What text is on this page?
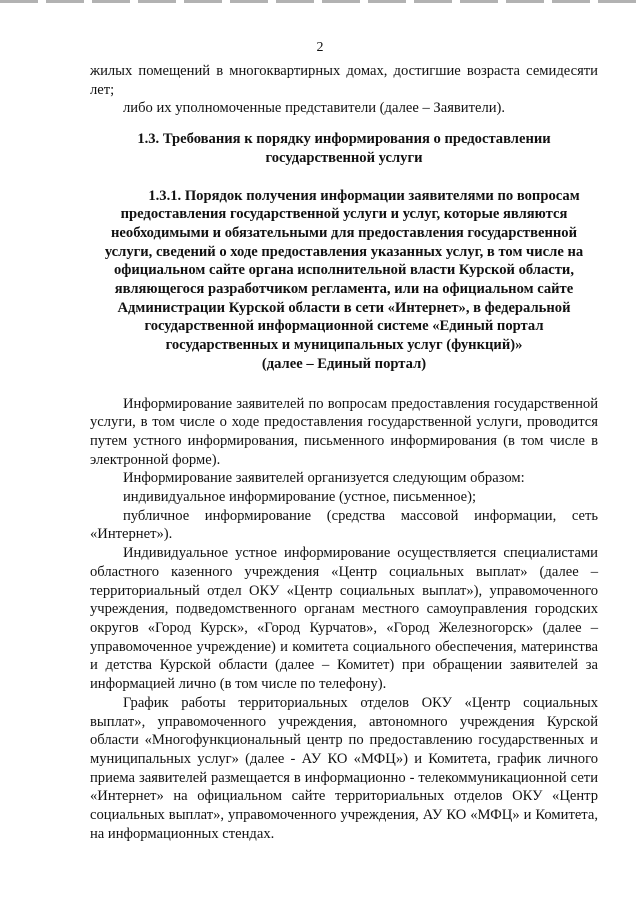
2

жилых помещений в многоквартирных домах, достигшие возраста семидесяти лет;

либо их уполномоченные представители (далее – Заявители).

1.3. Требования к порядку информирования о предоставлении
государственной услуги
1.3.1. Порядок получения информации заявителями по вопросам
предоставления государственной услуги и услуг, которые являются
необходимыми и обязательными для предоставления государственной
услуги, сведений о ходе предоставления указанных услуг, в том числе на
официальном сайте органа исполнительной власти Курской области,
являющегося разработчиком регламента, или на официальном сайте
Администрации Курской области в сети «Интернет», в федеральной
государственной информационной системе «Единый портал
государственных и муниципальных услуг (функций)»
(далее – Единый портал)

Информирование заявителей по вопросам предоставления государственной услуги, в том числе о ходе предоставления государственной услуги, проводится путем устного информирования, письменного информирования (в том числе в электронной форме).

Информирование заявителей организуется следующим образом:

индивидуальное информирование (устное, письменное);

публичное информирование (средства массовой информации, сеть «Интернет»).

Индивидуальное устное информирование осуществляется специалистами областного казенного учреждения «Центр социальных выплат» (далее – территориальный отдел ОКУ «Центр социальных выплат»), управомоченного учреждения, подведомственного органам местного самоуправления городских округов «Город Курск», «Город Курчатов», «Город Железногорск» (далее – управомоченное учреждение) и комитета социального обеспечения, материнства и детства Курской области (далее – Комитет) при обращении заявителей за информацией лично (в том числе по телефону).

График работы территориальных отделов ОКУ «Центр социальных выплат», управомоченного учреждения, автономного учреждения Курской области «Многофункциональный центр по предоставлению государственных и муниципальных услуг» (далее - АУ КО «МФЦ») и Комитета, график личного приема заявителей размещается в информационно - телекоммуникационной сети «Интернет» на официальном сайте территориальных отделов ОКУ «Центр социальных выплат», управомоченного учреждения, АУ КО «МФЦ» и Комитета, на информационных стендах.
